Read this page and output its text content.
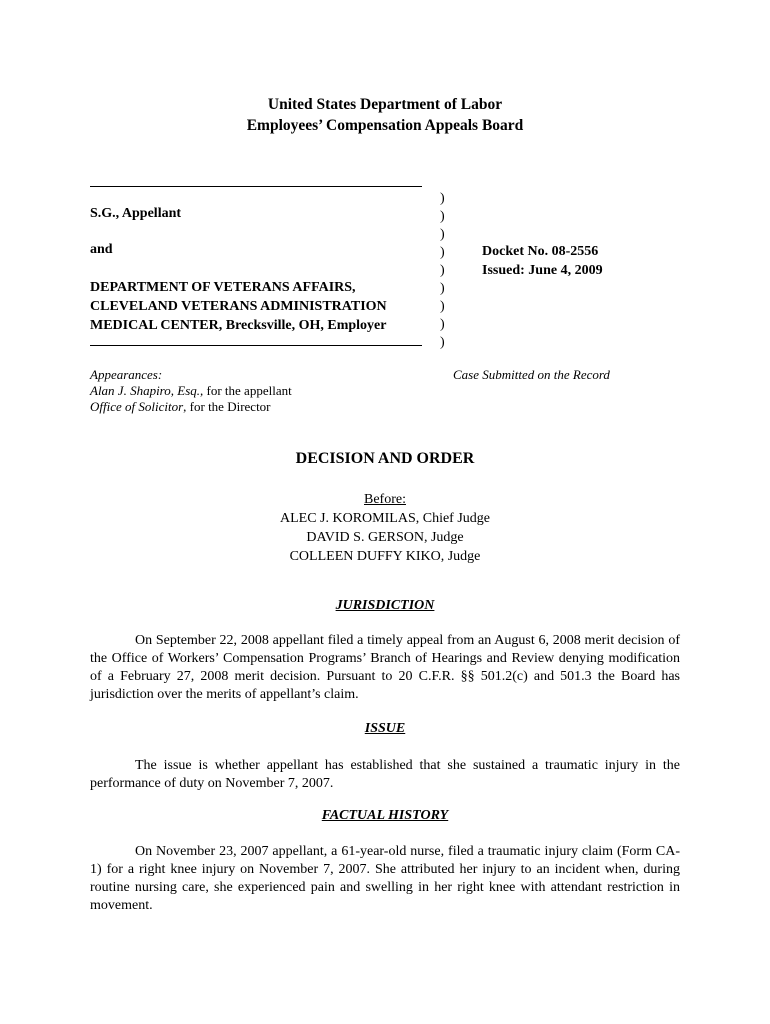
United States Department of Labor
Employees’ Compensation Appeals Board
)
)
)
)
)
)
)
)
)
S.G., Appellant
and
DEPARTMENT OF VETERANS AFFAIRS,
CLEVELAND VETERANS ADMINISTRATION
MEDICAL CENTER, Brecksville, OH, Employer
Docket No. 08-2556
Issued: June 4, 2009
Appearances:
Alan J. Shapiro, Esq., for the appellant
Office of Solicitor, for the Director
Case Submitted on the Record
DECISION AND ORDER
Before:
ALEC J. KOROMILAS, Chief Judge
DAVID S. GERSON, Judge
COLLEEN DUFFY KIKO, Judge
JURISDICTION
On September 22, 2008 appellant filed a timely appeal from an August 6, 2008 merit decision of the Office of Workers’ Compensation Programs’ Branch of Hearings and Review denying modification of a February 27, 2008 merit decision. Pursuant to 20 C.F.R. §§ 501.2(c) and 501.3 the Board has jurisdiction over the merits of appellant’s claim.
ISSUE
The issue is whether appellant has established that she sustained a traumatic injury in the performance of duty on November 7, 2007.
FACTUAL HISTORY
On November 23, 2007 appellant, a 61-year-old nurse, filed a traumatic injury claim (Form CA-1) for a right knee injury on November 7, 2007. She attributed her injury to an incident when, during routine nursing care, she experienced pain and swelling in her right knee with attendant restriction in movement.
